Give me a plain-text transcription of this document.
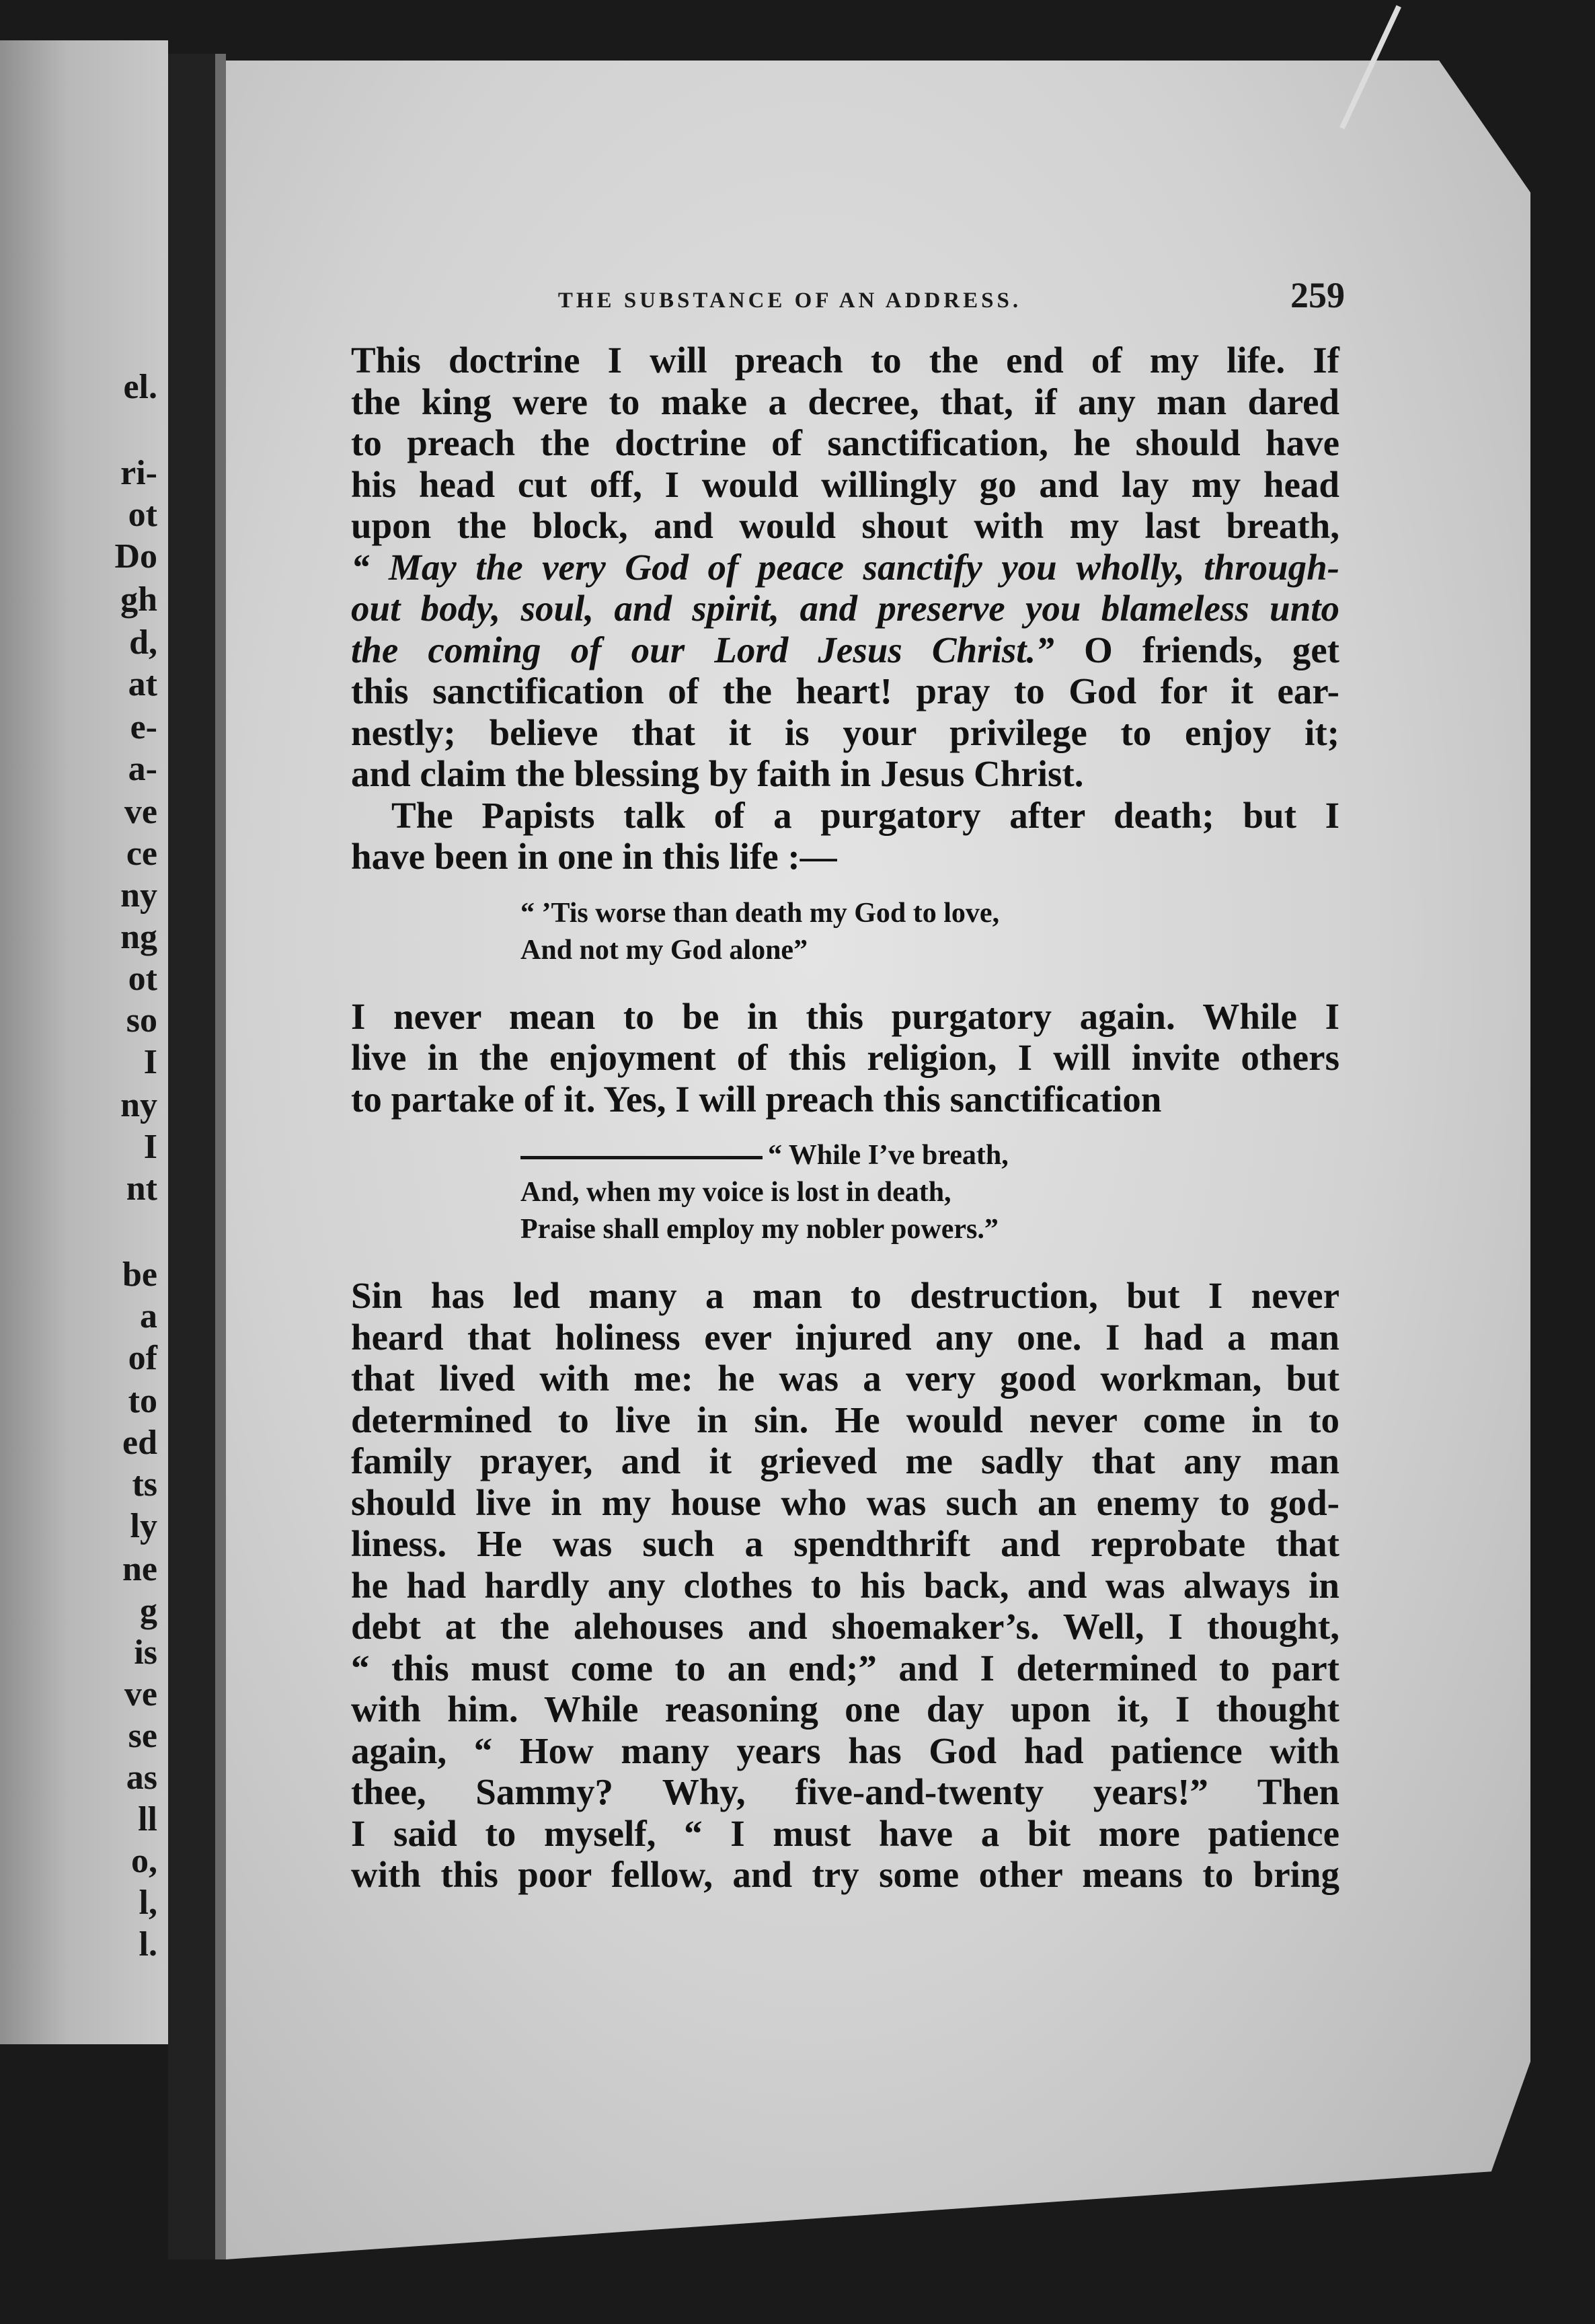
el.
ri-
ot
Do
gh
d,
at
e-
a-
ve
ce
ny
ng
ot
so
I
ny
I
nt
be
a
of
to
ed
ts
ly
ne
g
is
ve
se
as
ll
o,
l,
l.
THE SUBSTANCE OF AN ADDRESS.	259
This doctrine I will preach to the end of my life. If
the king were to make a decree, that, if any man dared
to preach the doctrine of sanctification, he should have
his head cut off, I would willingly go and lay my head
upon the block, and would shout with my last breath,
“ May the very God of peace sanctify you wholly, through-
out body, soul, and spirit, and preserve you blameless unto
the coming of our Lord Jesus Christ.” O friends, get
this sanctification of the heart! pray to God for it ear-
nestly; believe that it is your privilege to enjoy it;
and claim the blessing by faith in Jesus Christ.
The Papists talk of a purgatory after death; but I
have been in one in this life :—
“ ’Tis worse than death my God to love,
And not my God alone”
I never mean to be in this purgatory again. While I
live in the enjoyment of this religion, I will invite others
to partake of it. Yes, I will preach this sanctification
“ While I’ve breath,
And, when my voice is lost in death,
Praise shall employ my nobler powers.”
Sin has led many a man to destruction, but I never
heard that holiness ever injured any one. I had a man
that lived with me: he was a very good workman, but
determined to live in sin. He would never come in to
family prayer, and it grieved me sadly that any man
should live in my house who was such an enemy to god-
liness. He was such a spendthrift and reprobate that
he had hardly any clothes to his back, and was always in
debt at the alehouses and shoemaker’s. Well, I thought,
“ this must come to an end;” and I determined to part
with him. While reasoning one day upon it, I thought
again, “ How many years has God had patience with
thee, Sammy? Why, five-and-twenty years!” Then
I said to myself, “ I must have a bit more patience
with this poor fellow, and try some other means to bring
